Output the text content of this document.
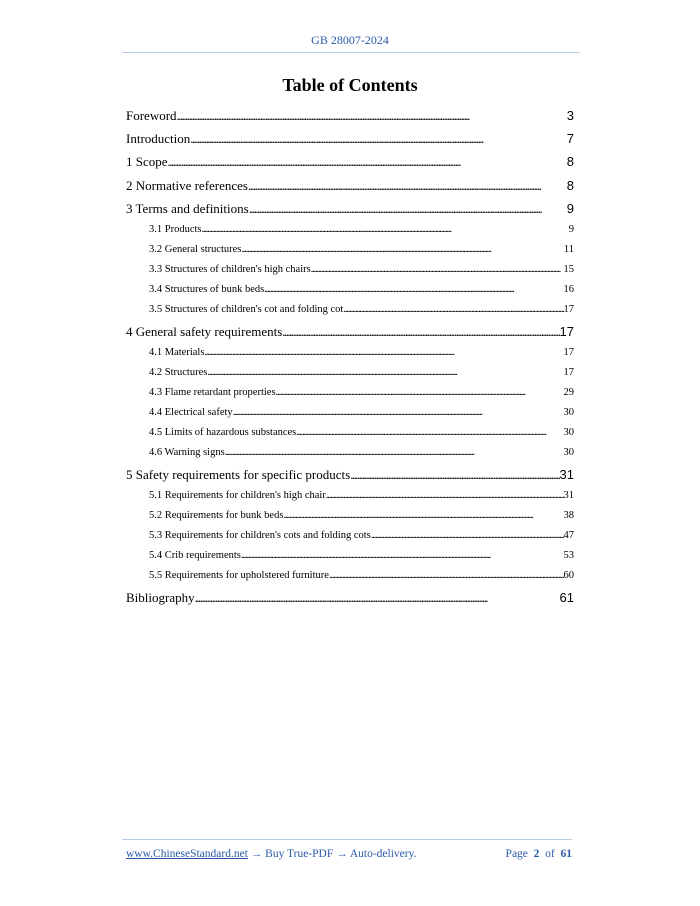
GB 28007-2024
Table of Contents
Foreword . . .	3
Introduction . . .	7
1 Scope . . .	8
2 Normative references . . .	8
3 Terms and definitions . . .	9
3.1 Products . . .	9
3.2 General structures . . .	11
3.3 Structures of children's high chairs . . .	15
3.4 Structures of bunk beds . . .	16
3.5 Structures of children's cot and folding cot . . .	17
4 General safety requirements . . .	17
4.1 Materials . . .	17
4.2 Structures . . .	17
4.3 Flame retardant properties . . .	29
4.4 Electrical safety . . .	30
4.5 Limits of hazardous substances . . .	30
4.6 Warning signs . . .	30
5 Safety requirements for specific products . . .	31
5.1 Requirements for children's high chair . . .	31
5.2 Requirements for bunk beds . . .	38
5.3 Requirements for children's cots and folding cots . . .	47
5.4 Crib requirements . . .	53
5.5 Requirements for upholstered furniture . . .	60
Bibliography . . .	61
www.ChineseStandard.net → Buy True-PDF → Auto-delivery.	Page 2 of 61
